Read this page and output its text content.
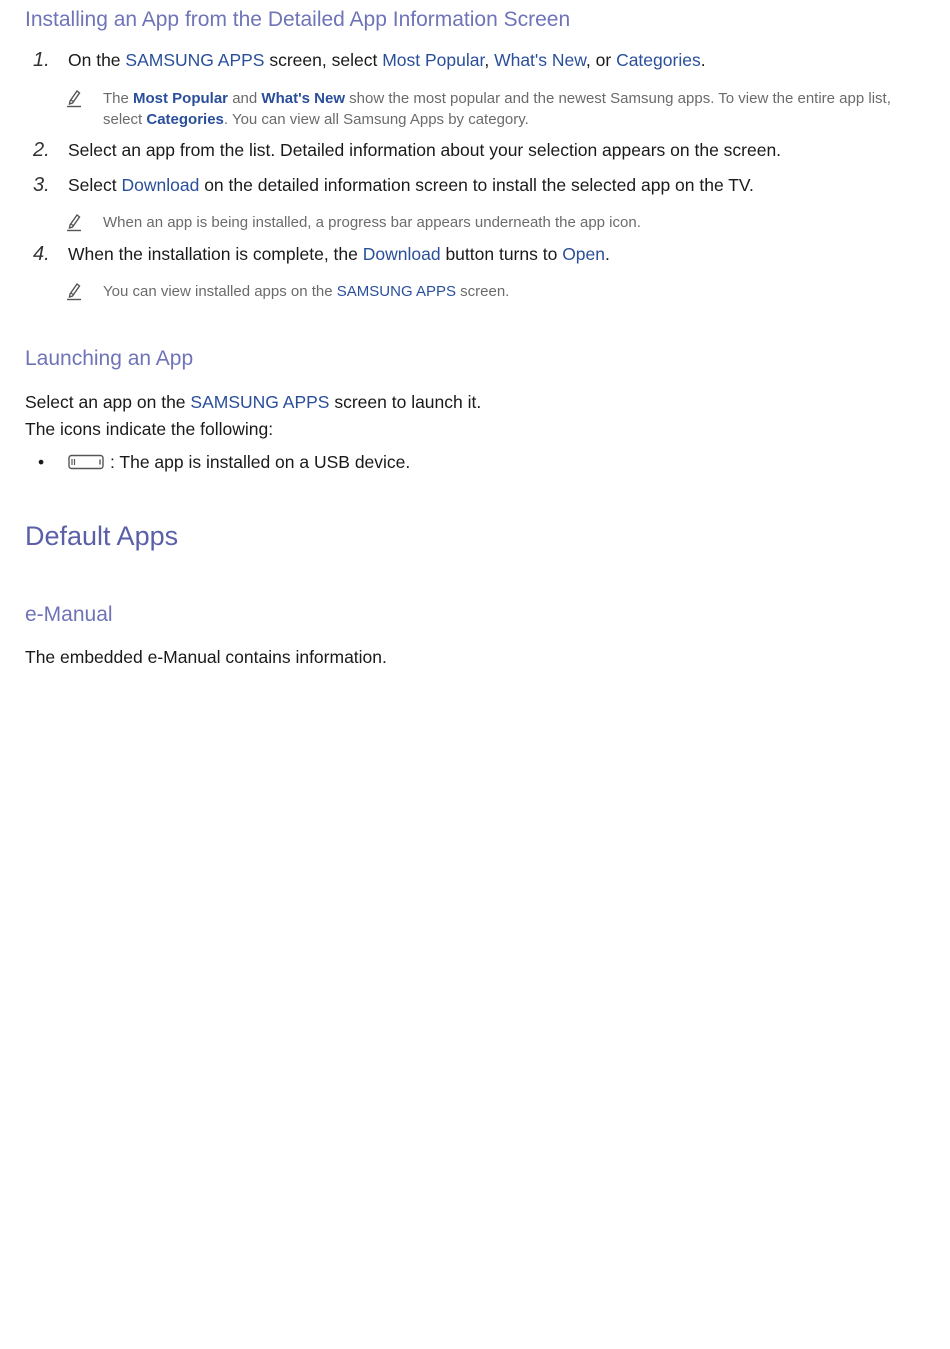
Installing an App from the Detailed App Information Screen
1. On the SAMSUNG APPS screen, select Most Popular, What's New, or Categories.
The Most Popular and What's New show the most popular and the newest Samsung apps. To view the entire app list, select Categories. You can view all Samsung Apps by category.
2. Select an app from the list. Detailed information about your selection appears on the screen.
3. Select Download on the detailed information screen to install the selected app on the TV.
When an app is being installed, a progress bar appears underneath the app icon.
4. When the installation is complete, the Download button turns to Open.
You can view installed apps on the SAMSUNG APPS screen.
Launching an App
Select an app on the SAMSUNG APPS screen to launch it.
The icons indicate the following:
•	: The app is installed on a USB device.
Default Apps
e-Manual
The embedded e-Manual contains information.
